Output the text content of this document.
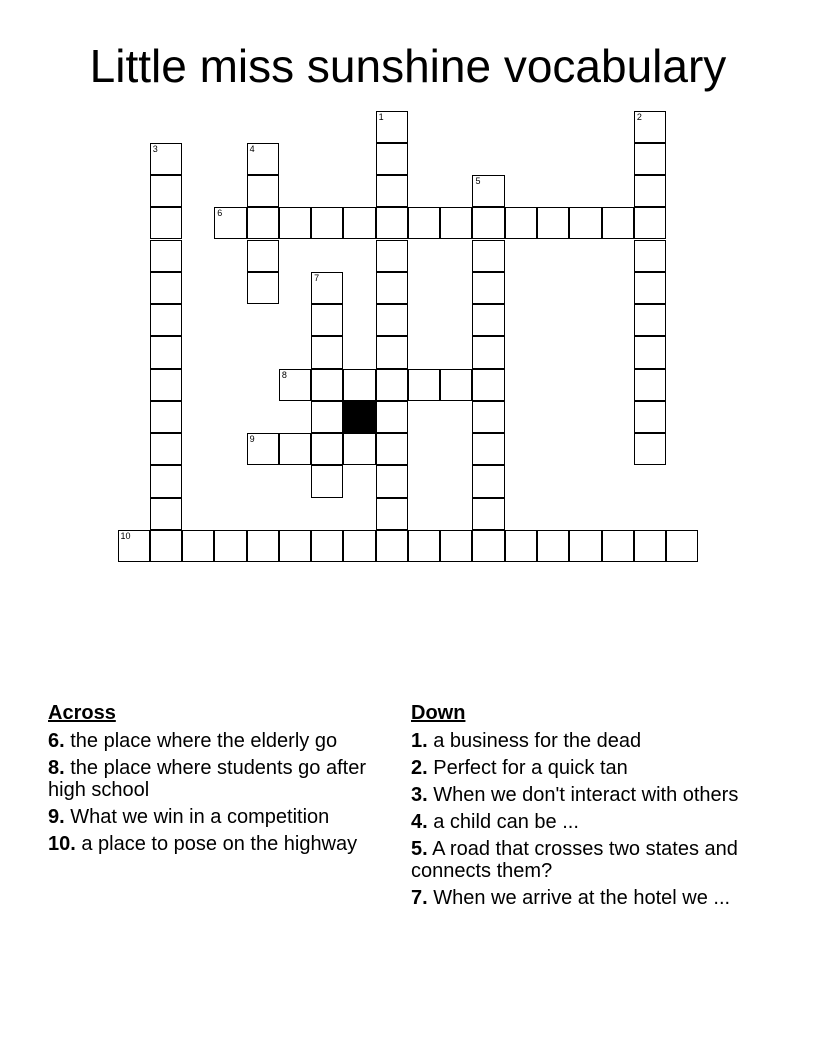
Little miss sunshine vocabulary
1	2
3	4
5
6
7
8
9
10
Across
6. the place where the elderly go
8. the place where students go after high school
9. What we win in a competition
10. a place to pose on the highway
Down
1. a business for the dead
2. Perfect for a quick tan
3. When we don't interact with others
4. a child can be ...
5. A road that crosses two states and connects them?
7. When we arrive at the hotel we ...
